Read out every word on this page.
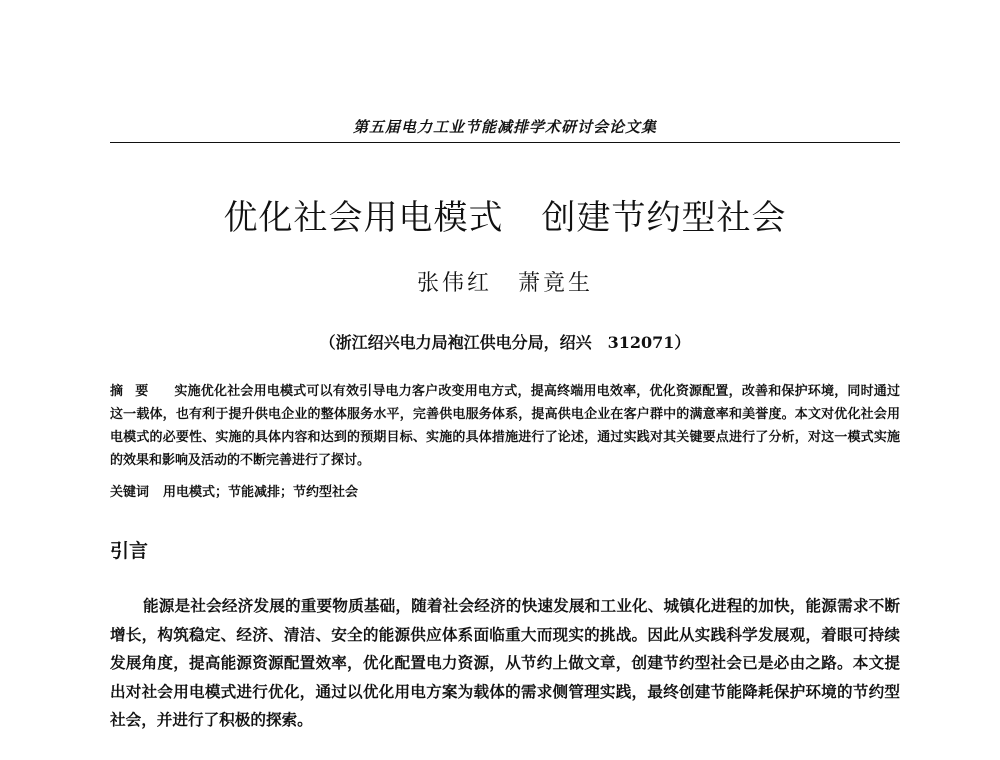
第五届电力工业节能减排学术研讨会论文集
优化社会用电模式 创建节约型社会
张伟红 萧竟生
（浙江绍兴电力局袍江供电分局，绍兴　312071）
摘要 实施优化社会用电模式可以有效引导电力客户改变用电方式，提高终端用电效率，优化资源配置，改善和保护环境，同时通过这一载体，也有利于提升供电企业的整体服务水平，完善供电服务体系，提高供电企业在客户群中的满意率和美誉度。本文对优化社会用电模式的必要性、实施的具体内容和达到的预期目标、实施的具体措施进行了论述，通过实践对其关键要点进行了分析，对这一模式实施的效果和影响及活动的不断完善进行了探讨。
关键词 用电模式；节能减排；节约型社会
引言
能源是社会经济发展的重要物质基础，随着社会经济的快速发展和工业化、城镇化进程的加快，能源需求不断增长，构筑稳定、经济、清洁、安全的能源供应体系面临重大而现实的挑战。因此从实践科学发展观，着眼可持续发展角度，提高能源资源配置效率，优化配置电力资源，从节约上做文章，创建节约型社会已是必由之路。本文提出对社会用电模式进行优化，通过以优化用电方案为载体的需求侧管理实践，最终创建节能降耗保护环境的节约型社会，并进行了积极的探索。
